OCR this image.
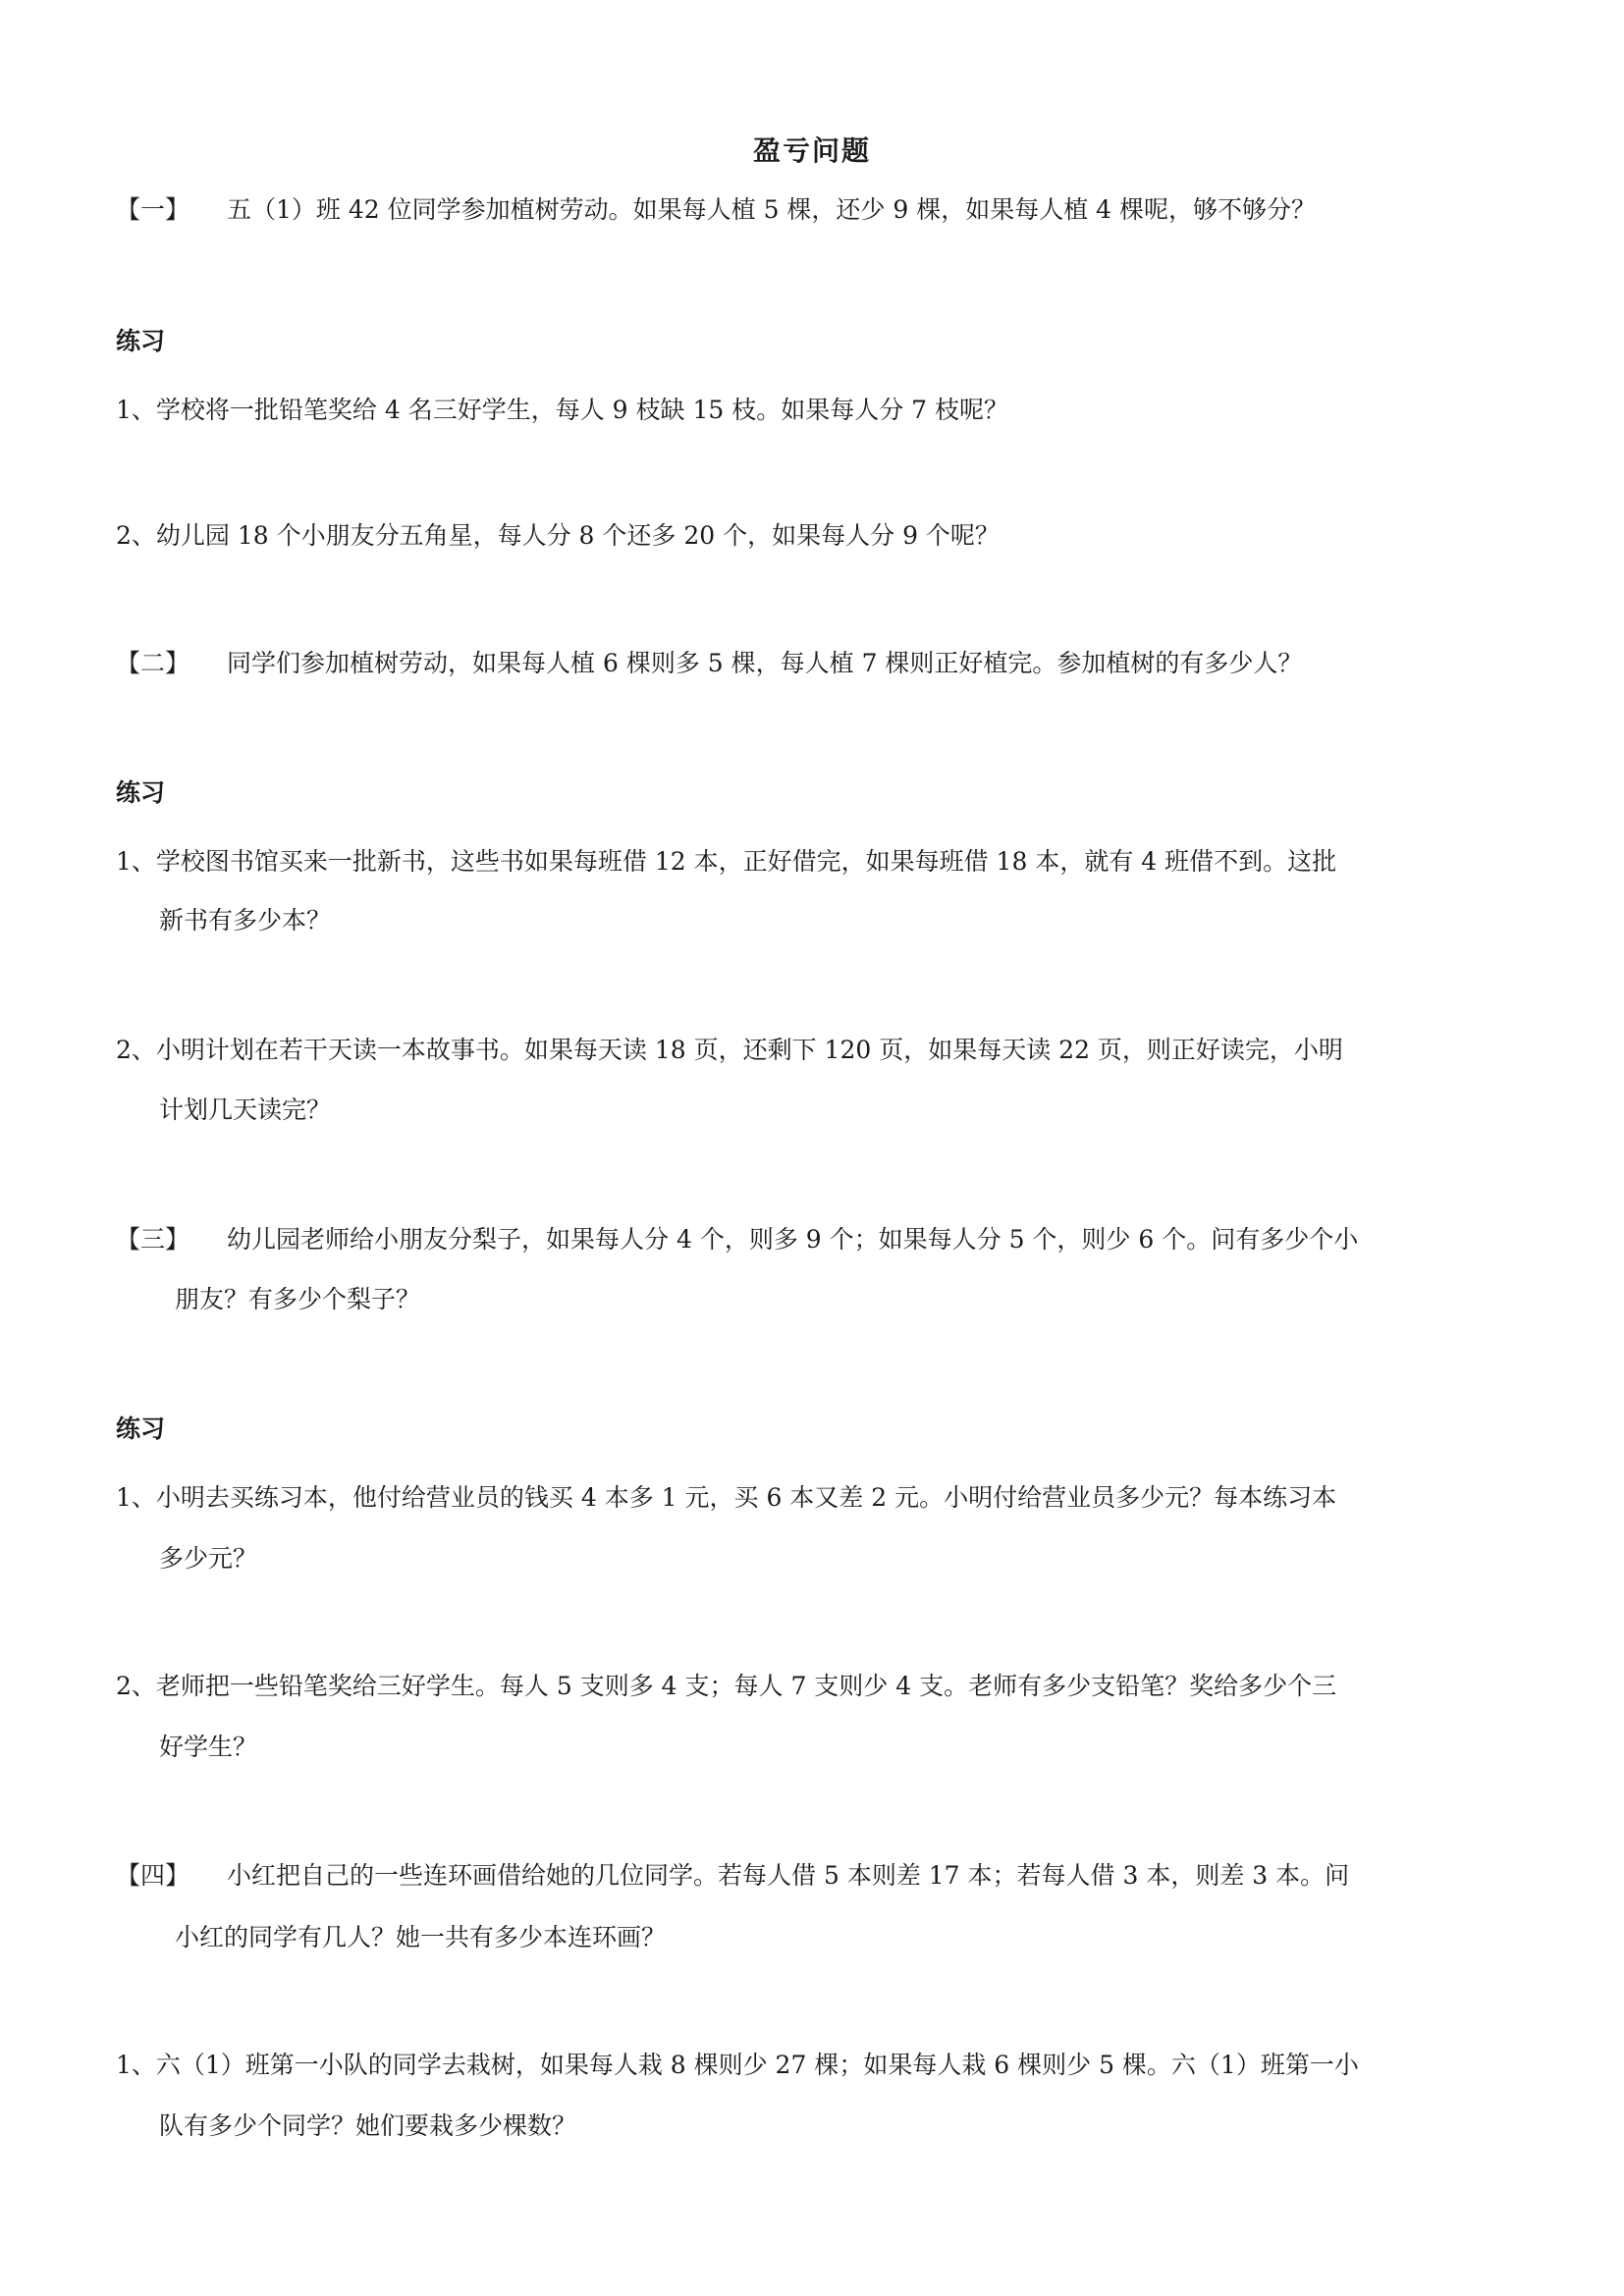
盈亏问题
【一】 五（1）班 42 位同学参加植树劳动。如果每人植 5 棵，还少 9 棵，如果每人植 4 棵呢，够不够分？
练习
1、学校将一批铅笔奖给 4 名三好学生，每人 9 枝缺 15 枝。如果每人分 7 枝呢？
2、幼儿园 18 个小朋友分五角星，每人分 8 个还多 20 个，如果每人分 9 个呢？
【二】 同学们参加植树劳动，如果每人植 6 棵则多 5 棵，每人植 7 棵则正好植完。参加植树的有多少人？
练习
1、学校图书馆买来一批新书，这些书如果每班借 12 本，正好借完，如果每班借 18 本，就有 4 班借不到。这批
新书有多少本？
2、小明计划在若干天读一本故事书。如果每天读 18 页，还剩下 120 页，如果每天读 22 页，则正好读完，小明
计划几天读完？
【三】 幼儿园老师给小朋友分梨子，如果每人分 4 个，则多 9 个；如果每人分 5 个，则少 6 个。问有多少个小
朋友？有多少个梨子？
练习
1、小明去买练习本，他付给营业员的钱买 4 本多 1 元，买 6 本又差 2 元。小明付给营业员多少元？每本练习本
多少元？
2、老师把一些铅笔奖给三好学生。每人 5 支则多 4 支；每人 7 支则少 4 支。老师有多少支铅笔？奖给多少个三
好学生？
【四】 小红把自己的一些连环画借给她的几位同学。若每人借 5 本则差 17 本；若每人借 3 本，则差 3 本。问
小红的同学有几人？她一共有多少本连环画？
1、六（1）班第一小队的同学去栽树，如果每人栽 8 棵则少 27 棵；如果每人栽 6 棵则少 5 棵。六（1）班第一小
队有多少个同学？她们要栽多少棵数？
